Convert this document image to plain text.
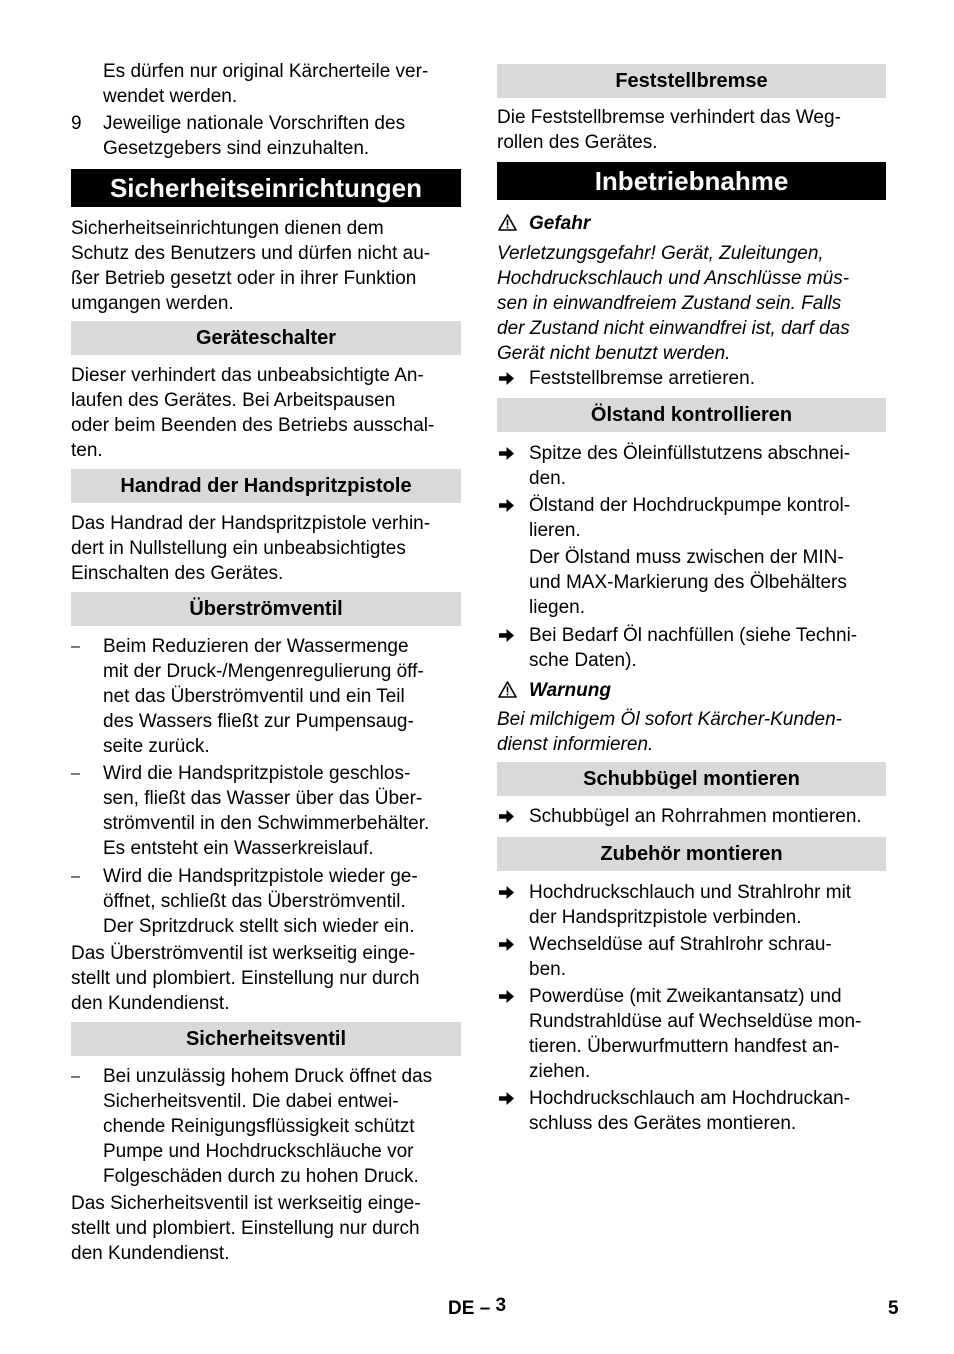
Es dürfen nur original Kärcherteile ver-
wendet werden.
9 Jeweilige nationale Vorschriften des
Gesetzgebers sind einzuhalten.
Sicherheitseinrichtungen
Sicherheitseinrichtungen dienen dem
Schutz des Benutzers und dürfen nicht au-
ßer Betrieb gesetzt oder in ihrer Funktion
umgangen werden.
Geräteschalter
Dieser verhindert das unbeabsichtigte An-
laufen des Gerätes. Bei Arbeitspausen
oder beim Beenden des Betriebs ausschal-
ten.
Handrad der Handspritzpistole
Das Handrad der Handspritzpistole verhin-
dert in Nullstellung ein unbeabsichtigtes
Einschalten des Gerätes.
Überströmventil
– Beim Reduzieren der Wassermenge
mit der Druck-/Mengenregulierung öff-
net das Überströmventil und ein Teil
des Wassers fließt zur Pumpensaug-
seite zurück.
– Wird die Handspritzpistole geschlos-
sen, fließt das Wasser über das Über-
strömventil in den Schwimmerbehälter.
Es entsteht ein Wasserkreislauf.
– Wird die Handspritzpistole wieder ge-
öffnet, schließt das Überströmventil.
Der Spritzdruck stellt sich wieder ein.
Das Überströmventil ist werkseitig einge-
stellt und plombiert. Einstellung nur durch
den Kundendienst.
Sicherheitsventil
– Bei unzulässig hohem Druck öffnet das
Sicherheitsventil. Die dabei entwei-
chende Reinigungsflüssigkeit schützt
Pumpe und Hochdruckschläuche vor
Folgeschäden durch zu hohen Druck.
Das Sicherheitsventil ist werkseitig einge-
stellt und plombiert. Einstellung nur durch
den Kundendienst.
Feststellbremse
Die Feststellbremse verhindert das Weg-
rollen des Gerätes.
Inbetriebnahme
Gefahr
Verletzungsgefahr! Gerät, Zuleitungen,
Hochdruckschlauch und Anschlüsse müs-
sen in einwandfreiem Zustand sein. Falls
der Zustand nicht einwandfrei ist, darf das
Gerät nicht benutzt werden.
Feststellbremse arretieren.
Ölstand kontrollieren
Spitze des Öleinfüllstutzens abschnei-
den.
Ölstand der Hochdruckpumpe kontrol-
lieren.
Der Ölstand muss zwischen der MIN-
und MAX-Markierung des Ölbehälters
liegen.
Bei Bedarf Öl nachfüllen (siehe Techni-
sche Daten).
Warnung
Bei milchigem Öl sofort Kärcher-Kunden-
dienst informieren.
Schubbügel montieren
Schubbügel an Rohrrahmen montieren.
Zubehör montieren
Hochdruckschlauch und Strahlrohr mit
der Handspritzpistole verbinden.
Wechseldüse auf Strahlrohr schrau-
ben.
Powerdüse (mit Zweikantansatz) und
Rundstrahldüse auf Wechseldüse mon-
tieren. Überwurfmuttern handfest an-
ziehen.
Hochdruckschlauch am Hochdruckan-
schluss des Gerätes montieren.
DE – 3	5
